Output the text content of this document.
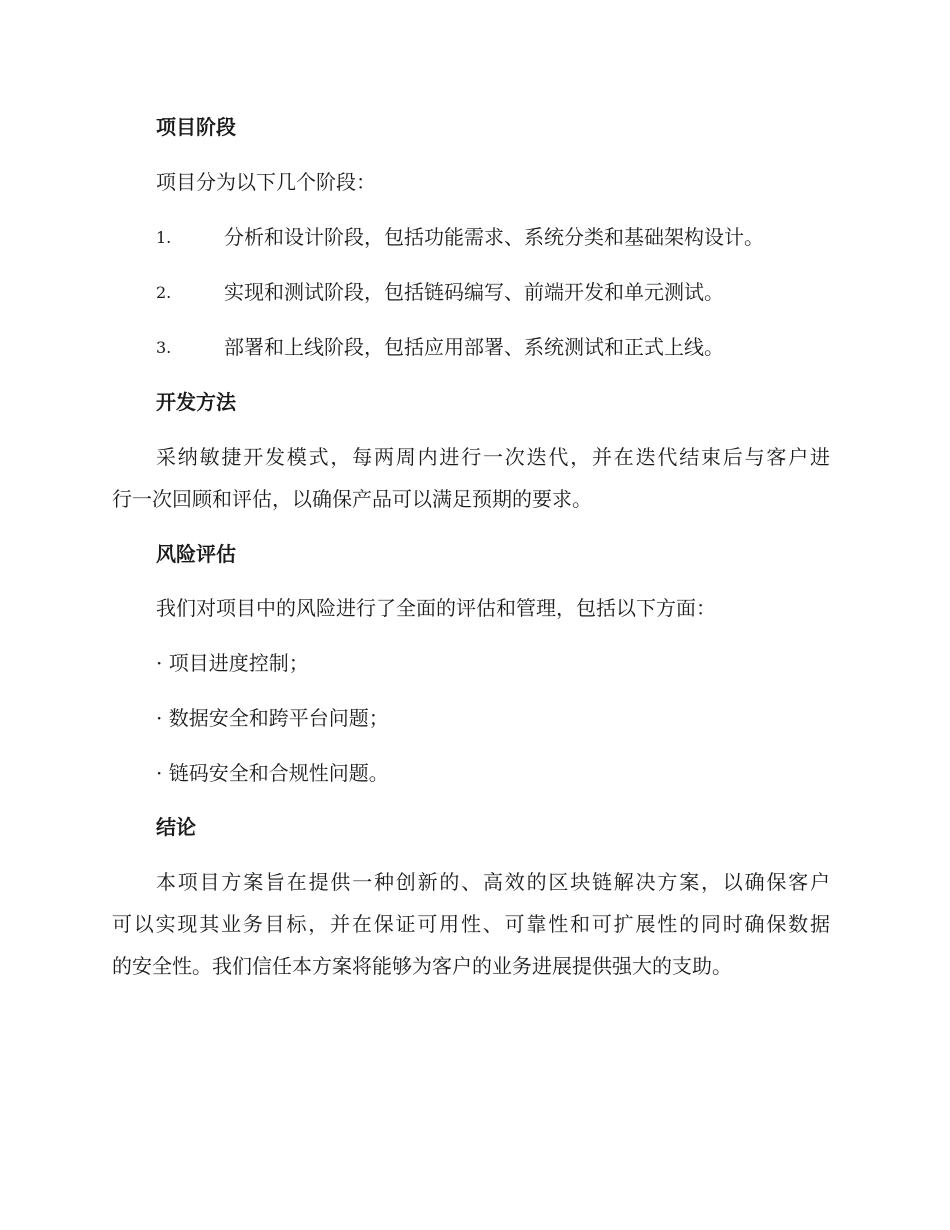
项目阶段
项目分为以下几个阶段：
1.	分析和设计阶段，包括功能需求、系统分类和基础架构设计。
2.	实现和测试阶段，包括链码编写、前端开发和单元测试。
3.	部署和上线阶段，包括应用部署、系统测试和正式上线。
开发方法
采纳敏捷开发模式，每两周内进行一次迭代，并在迭代结束后与客户进
行一次回顾和评估，以确保产品可以满足预期的要求。
风险评估
我们对项目中的风险进行了全面的评估和管理，包括以下方面：
· 项目进度控制；
· 数据安全和跨平台问题；
· 链码安全和合规性问题。
结论
本项目方案旨在提供一种创新的、高效的区块链解决方案，以确保客户
可以实现其业务目标，并在保证可用性、可靠性和可扩展性的同时确保数据
的安全性。我们信任本方案将能够为客户的业务进展提供强大的支助。
